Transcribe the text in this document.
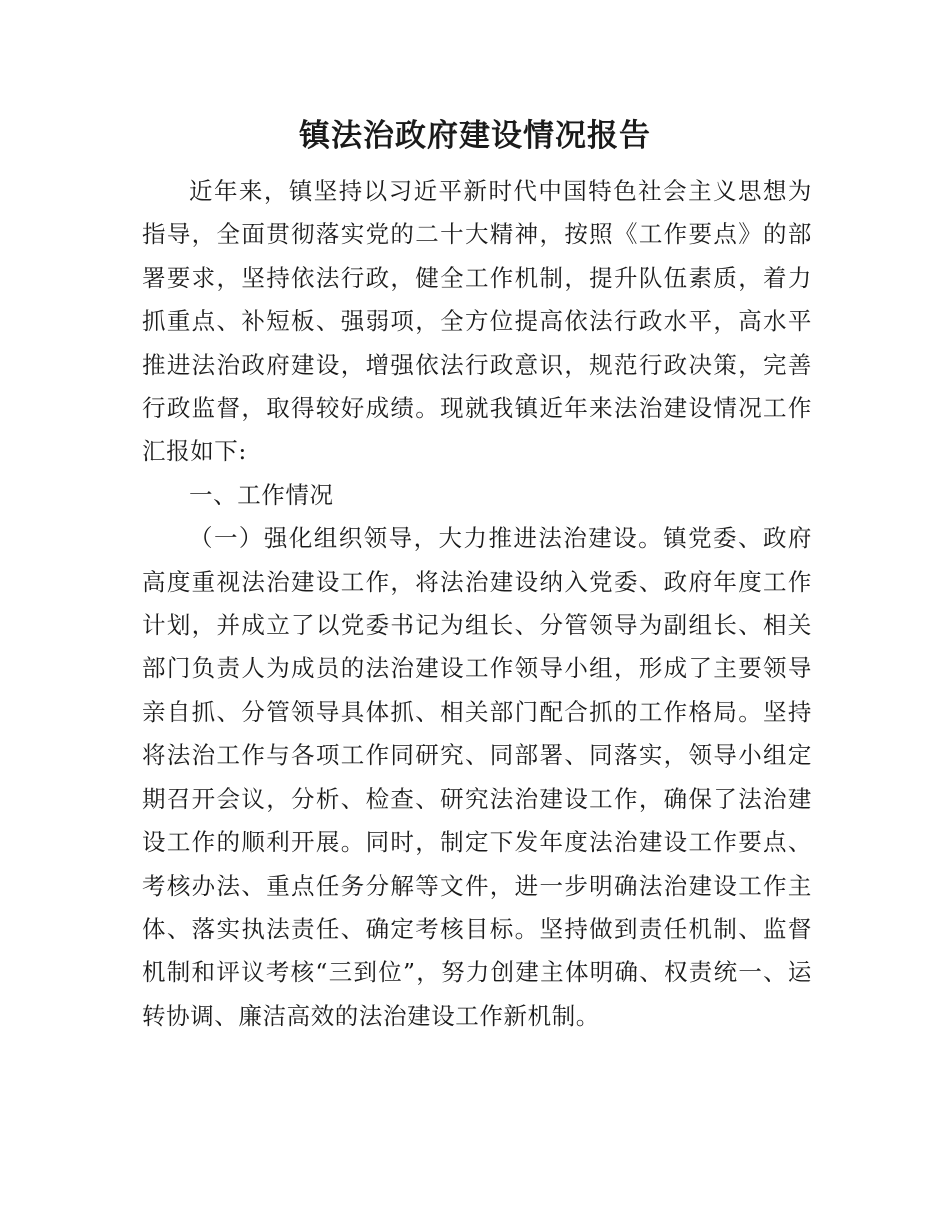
镇法治政府建设情况报告

近年来，镇坚持以习近平新时代中国特色社会主义思想为指导，全面贯彻落实党的二十大精神，按照《工作要点》的部署要求，坚持依法行政，健全工作机制，提升队伍素质，着力抓重点、补短板、强弱项，全方位提高依法行政水平，高水平推进法治政府建设，增强依法行政意识，规范行政决策，完善行政监督，取得较好成绩。现就我镇近年来法治建设情况工作汇报如下:

一、工作情况

（一）强化组织领导，大力推进法治建设。镇党委、政府高度重视法治建设工作，将法治建设纳入党委、政府年度工作计划，并成立了以党委书记为组长、分管领导为副组长、相关部门负责人为成员的法治建设工作领导小组，形成了主要领导亲自抓、分管领导具体抓、相关部门配合抓的工作格局。坚持将法治工作与各项工作同研究、同部署、同落实，领导小组定期召开会议，分析、检查、研究法治建设工作，确保了法治建设工作的顺利开展。同时，制定下发年度法治建设工作要点、考核办法、重点任务分解等文件，进一步明确法治建设工作主体、落实执法责任、确定考核目标。坚持做到责任机制、监督机制和评议考核“三到位”，努力创建主体明确、权责统一、运转协调、廉洁高效的法治建设工作新机制。
